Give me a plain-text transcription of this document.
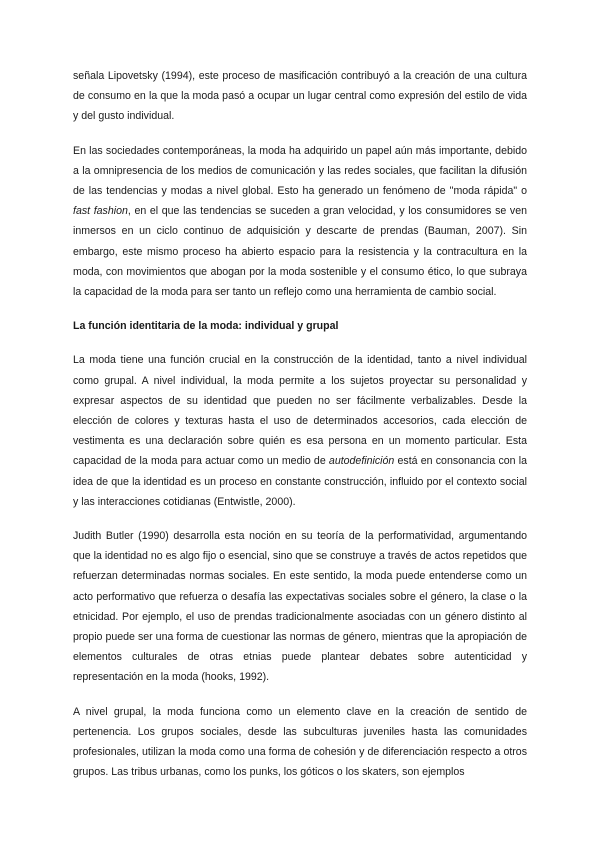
señala Lipovetsky (1994), este proceso de masificación contribuyó a la creación de una cultura de consumo en la que la moda pasó a ocupar un lugar central como expresión del estilo de vida y del gusto individual.

En las sociedades contemporáneas, la moda ha adquirido un papel aún más importante, debido a la omnipresencia de los medios de comunicación y las redes sociales, que facilitan la difusión de las tendencias y modas a nivel global. Esto ha generado un fenómeno de "moda rápida" o fast fashion, en el que las tendencias se suceden a gran velocidad, y los consumidores se ven inmersos en un ciclo continuo de adquisición y descarte de prendas (Bauman, 2007). Sin embargo, este mismo proceso ha abierto espacio para la resistencia y la contracultura en la moda, con movimientos que abogan por la moda sostenible y el consumo ético, lo que subraya la capacidad de la moda para ser tanto un reflejo como una herramienta de cambio social.

La función identitaria de la moda: individual y grupal

La moda tiene una función crucial en la construcción de la identidad, tanto a nivel individual como grupal. A nivel individual, la moda permite a los sujetos proyectar su personalidad y expresar aspectos de su identidad que pueden no ser fácilmente verbalizables. Desde la elección de colores y texturas hasta el uso de determinados accesorios, cada elección de vestimenta es una declaración sobre quién es esa persona en un momento particular. Esta capacidad de la moda para actuar como un medio de autodefinición está en consonancia con la idea de que la identidad es un proceso en constante construcción, influido por el contexto social y las interacciones cotidianas (Entwistle, 2000).

Judith Butler (1990) desarrolla esta noción en su teoría de la performatividad, argumentando que la identidad no es algo fijo o esencial, sino que se construye a través de actos repetidos que refuerzan determinadas normas sociales. En este sentido, la moda puede entenderse como un acto performativo que refuerza o desafía las expectativas sociales sobre el género, la clase o la etnicidad. Por ejemplo, el uso de prendas tradicionalmente asociadas con un género distinto al propio puede ser una forma de cuestionar las normas de género, mientras que la apropiación de elementos culturales de otras etnias puede plantear debates sobre autenticidad y representación en la moda (hooks, 1992).

A nivel grupal, la moda funciona como un elemento clave en la creación de sentido de pertenencia. Los grupos sociales, desde las subculturas juveniles hasta las comunidades profesionales, utilizan la moda como una forma de cohesión y de diferenciación respecto a otros grupos. Las tribus urbanas, como los punks, los góticos o los skaters, son ejemplos
